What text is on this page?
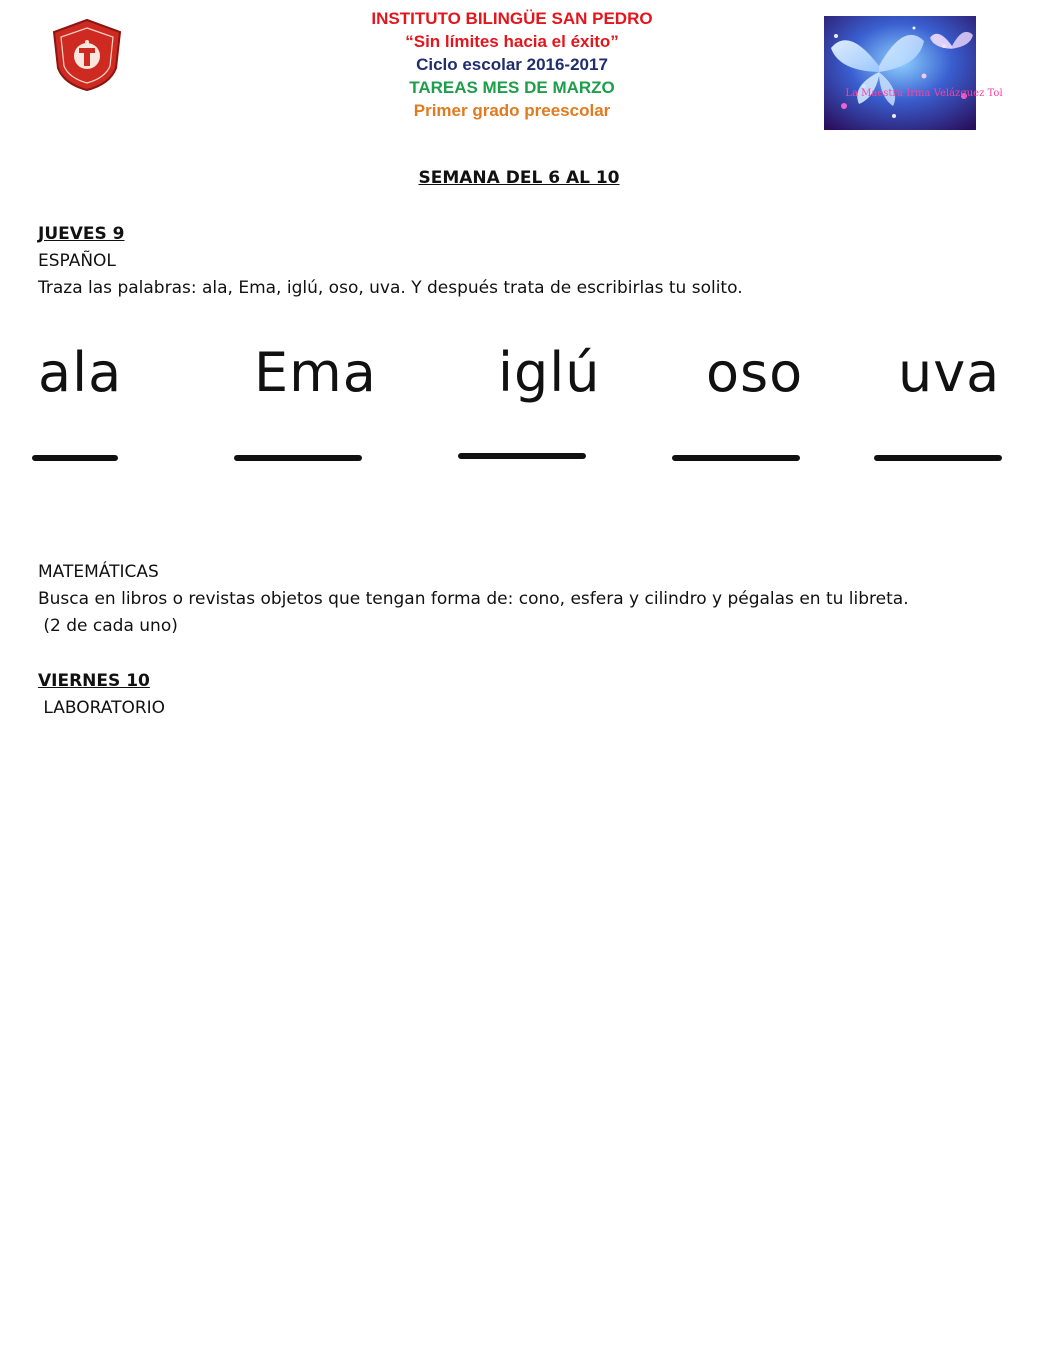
INSTITUTO BILINGÜE SAN PEDRO
“Sin límites hacia el éxito”
Ciclo escolar 2016-2017
TAREAS MES DE MARZO
Primer grado preescolar
La Maestra Irma Velázquez Tol
SEMANA DEL 6 AL 10
JUEVES 9
ESPAÑOL
Traza las palabras: ala, Ema, iglú, oso, uva. Y después trata de escribirlas tu solito.
ala Ema iglú oso uva
MATEMÁTICAS
Busca en libros o revistas objetos que tengan forma de: cono, esfera y cilindro y pégalas en tu libreta.
(2 de cada uno)
VIERNES 10
LABORATORIO
